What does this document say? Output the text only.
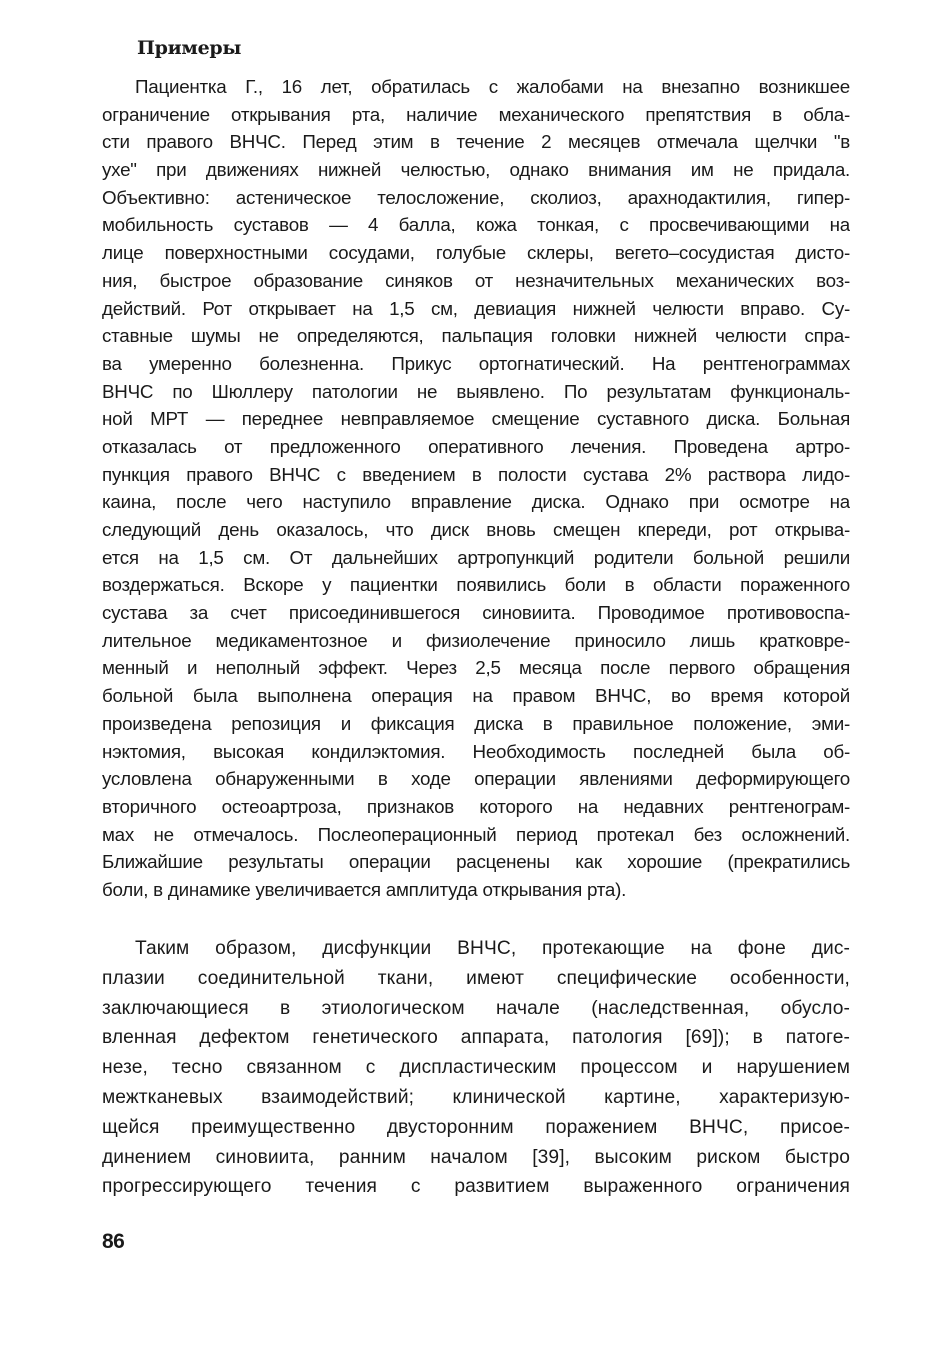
Примеры
Пациентка Г., 16 лет, обратилась с жалобами на внезапно возникшее
ограничение открывания рта, наличие механического препятствия в обла-
сти правого ВНЧС. Перед этим в течение 2 месяцев отмечала щелчки "в
ухе" при движениях нижней челюстью, однако внимания им не придала.
Объективно: астеническое телосложение, сколиоз, арахнодактилия, гипер-
мобильность суставов — 4 балла, кожа тонкая, с просвечивающими на
лице поверхностными сосудами, голубые склеры, вегето–сосудистая дисто-
ния, быстрое образование синяков от незначительных механических воз-
действий. Рот открывает на 1,5 см, девиация нижней челюсти вправо. Су-
ставные шумы не определяются, пальпация головки нижней челюсти спра-
ва умеренно болезненна. Прикус ортогнатический. На рентгенограммах
ВНЧС по Шюллеру патологии не выявлено. По результатам функциональ-
ной МРТ — переднее невправляемое смещение суставного диска. Больная
отказалась от предложенного оперативного лечения. Проведена артро-
пункция правого ВНЧС с введением в полости сустава 2% раствора лидо-
каина, после чего наступило вправление диска. Однако при осмотре на
следующий день оказалось, что диск вновь смещен кпереди, рот открыва-
ется на 1,5 см. От дальнейших артропункций родители больной решили
воздержаться. Вскоре у пациентки появились боли в области пораженного
сустава за счет присоединившегося синовиита. Проводимое противовоспа-
лительное медикаментозное и физиолечение приносило лишь кратковре-
менный и неполный эффект. Через 2,5 месяца после первого обращения
больной была выполнена операция на правом ВНЧС, во время которой
произведена репозиция и фиксация диска в правильное положение, эми-
нэктомия, высокая кондилэктомия. Необходимость последней была об-
условлена обнаруженными в ходе операции явлениями деформирующего
вторичного остеоартроза, признаков которого на недавних рентгенограм-
мах не отмечалось. Послеоперационный период протекал без осложнений.
Ближайшие результаты операции расценены как хорошие (прекратились
боли, в динамике увеличивается амплитуда открывания рта).
Таким образом, дисфункции ВНЧС, протекающие на фоне дис-
плазии соединительной ткани, имеют специфические особенности,
заключающиеся в этиологическом начале (наследственная, обусло-
вленная дефектом генетического аппарата, патология [69]); в патоге-
незе, тесно связанном с диспластическим процессом и нарушением
межтканевых взаимодействий; клинической картине, характеризую-
щейся преимущественно двусторонним поражением ВНЧС, присое-
динением синовиита, ранним началом [39], высоким риском быстро
прогрессирующего течения с развитием выраженного ограничения
86
